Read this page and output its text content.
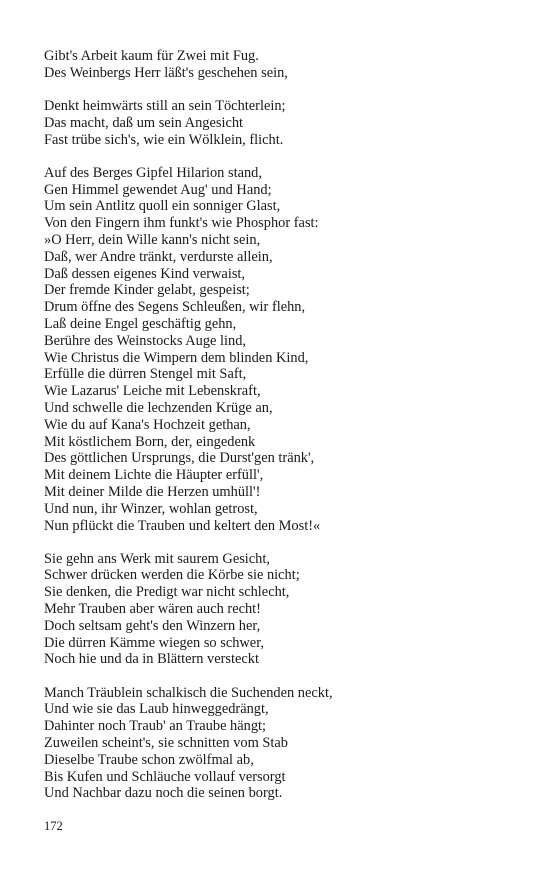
Gibt's Arbeit kaum für Zwei mit Fug.
Des Weinbergs Herr läßt's geschehen sein,
Denkt heimwärts still an sein Töchterlein;
Das macht, daß um sein Angesicht
Fast trübe sich's, wie ein Wölklein, flicht.
Auf des Berges Gipfel Hilarion stand,
Gen Himmel gewendet Aug' und Hand;
Um sein Antlitz quoll ein sonniger Glast,
Von den Fingern ihm funkt's wie Phosphor fast:
»O Herr, dein Wille kann's nicht sein,
Daß, wer Andre tränkt, verdurste allein,
Daß dessen eigenes Kind verwaist,
Der fremde Kinder gelabt, gespeist;
Drum öffne des Segens Schleußen, wir flehn,
Laß deine Engel geschäftig gehn,
Berühre des Weinstocks Auge lind,
Wie Christus die Wimpern dem blinden Kind,
Erfülle die dürren Stengel mit Saft,
Wie Lazarus' Leiche mit Lebenskraft,
Und schwelle die lechzenden Krüge an,
Wie du auf Kana's Hochzeit gethan,
Mit köstlichem Born, der, eingedenk
Des göttlichen Ursprungs, die Durst'gen tränk',
Mit deinem Lichte die Häupter erfüll',
Mit deiner Milde die Herzen umhüll'!
Und nun, ihr Winzer, wohlan getrost,
Nun pflückt die Trauben und keltert den Most!«
Sie gehn ans Werk mit saurem Gesicht,
Schwer drücken werden die Körbe sie nicht;
Sie denken, die Predigt war nicht schlecht,
Mehr Trauben aber wären auch recht!
Doch seltsam geht's den Winzern her,
Die dürren Kämme wiegen so schwer,
Noch hie und da in Blättern versteckt
Manch Träublein schalkisch die Suchenden neckt,
Und wie sie das Laub hinweggedrängt,
Dahinter noch Traub' an Traube hängt;
Zuweilen scheint's, sie schnitten vom Stab
Dieselbe Traube schon zwölfmal ab,
Bis Kufen und Schläuche vollauf versorgt
Und Nachbar dazu noch die seinen borgt.
172
